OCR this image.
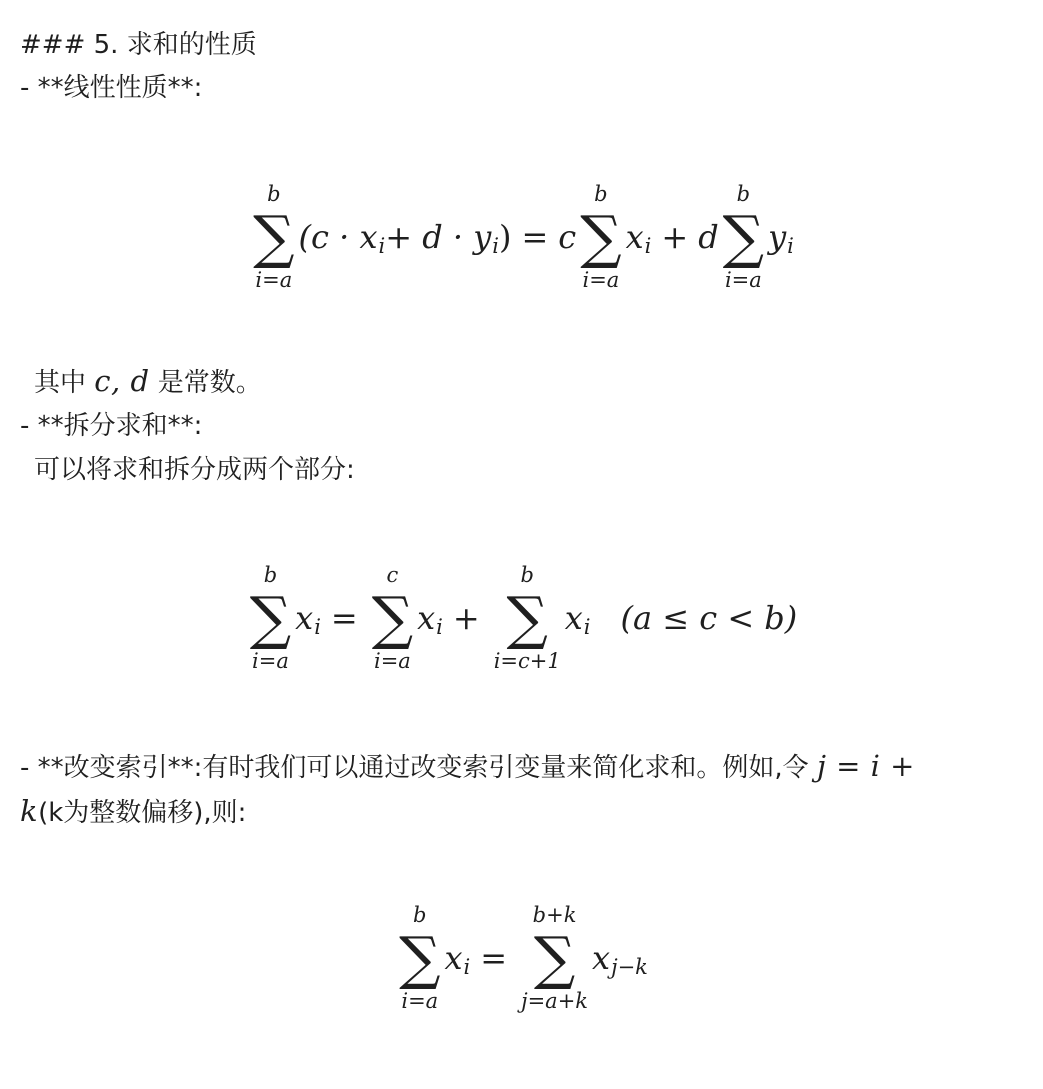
### 5. 求和的性质
- **线性性质**:
b
∑
i=a
(c · x i + d · y i ) = c
b
∑
i=a
x i + d
b
∑
i=a
y i
其中 c, d 是常数。
- **拆分求和**:
可以将求和拆分成两个部分:
b
∑
i=a
x i =
c
∑
i=a
x i +
b
∑
i=c+1
x i (a ≤ c < b)
- **改变索引**:有时我们可以通过改变索引变量来简化求和。例如,令 j = i +
k(k为整数偏移),则:
b
∑
i=a
x i =
b+k
∑
j=a+k
x j−k
